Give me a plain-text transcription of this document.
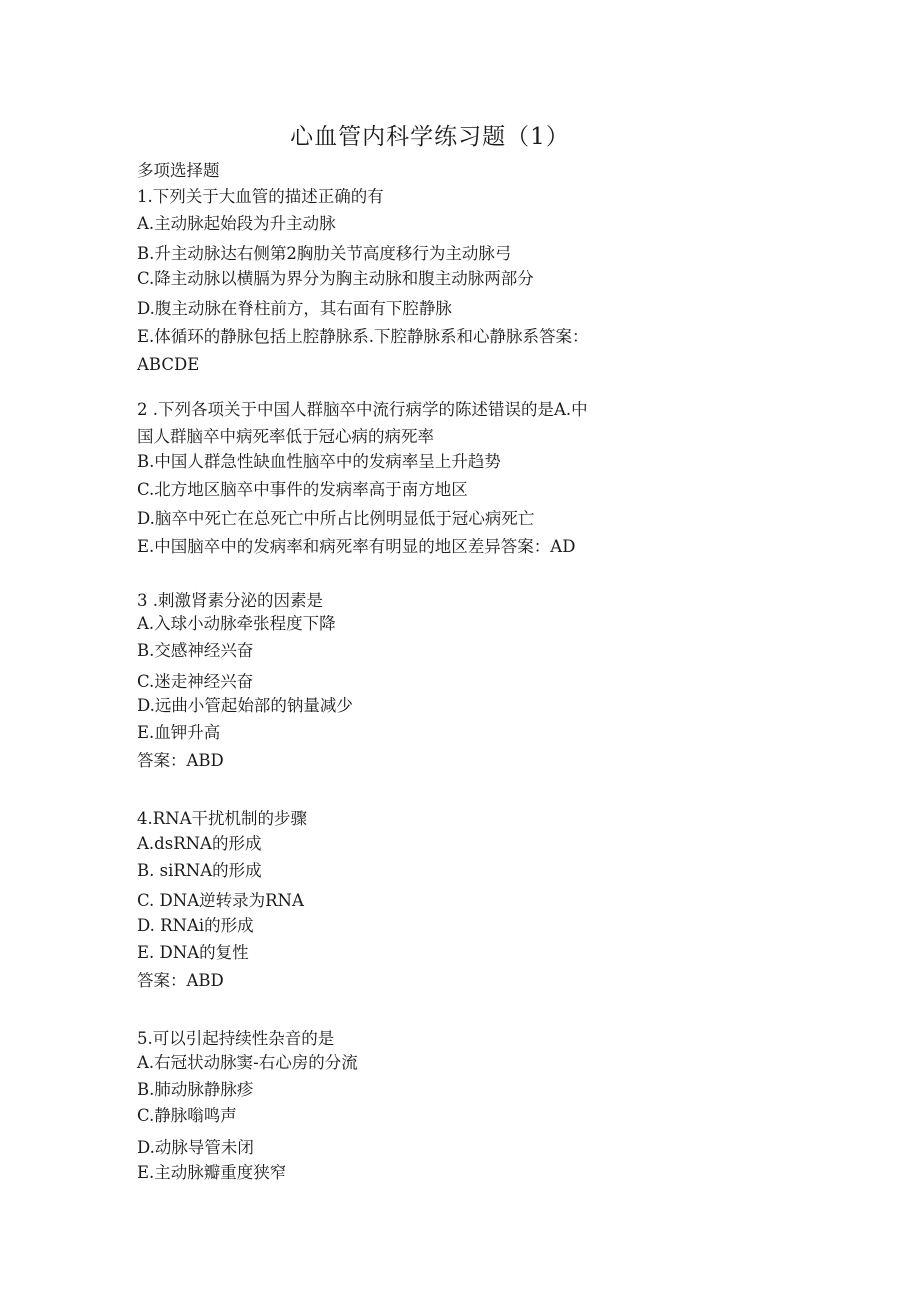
心血管内科学练习题（1）
多项选择题
1.下列关于大血管的描述正确的有
A.主动脉起始段为升主动脉
B.升主动脉达右侧第2胸肋关节高度移行为主动脉弓
C.降主动脉以横膈为界分为胸主动脉和腹主动脉两部分
D.腹主动脉在脊柱前方，其右面有下腔静脉
E.体循环的静脉包括上腔静脉系.下腔静脉系和心静脉系答案：
ABCDE
2 .下列各项关于中国人群脑卒中流行病学的陈述错误的是A.中
国人群脑卒中病死率低于冠心病的病死率
B.中国人群急性缺血性脑卒中的发病率呈上升趋势
C.北方地区脑卒中事件的发病率高于南方地区
D.脑卒中死亡在总死亡中所占比例明显低于冠心病死亡
E.中国脑卒中的发病率和病死率有明显的地区差异答案：AD
3 .刺激肾素分泌的因素是
A.入球小动脉牵张程度下降
B.交感神经兴奋
C.迷走神经兴奋
D.远曲小管起始部的钠量减少
E.血钾升高
答案：ABD
4.RNA干扰机制的步骤
A.dsRNA的形成
B. siRNA的形成
C. DNA逆转录为RNA
D. RNAi的形成
E. DNA的复性
答案：ABD
5.可以引起持续性杂音的是
A.右冠状动脉窦-右心房的分流
B.肺动脉静脉疹
C.静脉嗡鸣声
D.动脉导管未闭
E.主动脉瓣重度狭窄
